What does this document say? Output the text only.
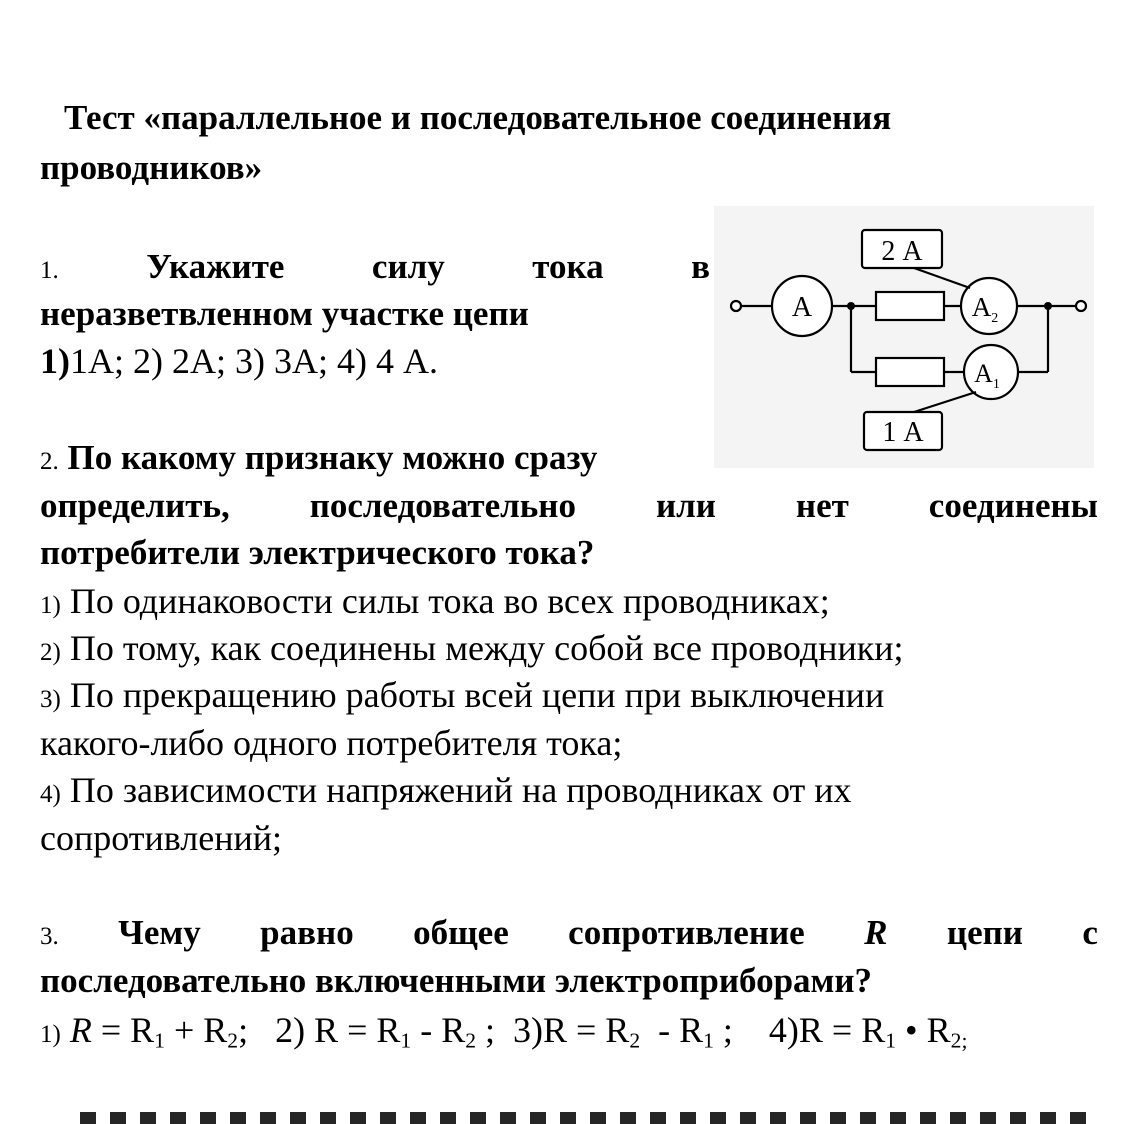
Тест «параллельное и последовательное соединения
проводников»
1. Укажите силу тока в
неразветвленном участке цепи
1)1А; 2) 2А; 3) 3А; 4) 4 А.
A	$A_2$
$A_1$
2 А
1 А
2. По какому признаку можно сразу
определить, последовательно или нет соединены
потребители электрического тока?
1) По одинаковости силы тока во всех проводниках;
2) По тому, как соединены между собой все проводники;
3) По прекращению работы всей цепи при выключении
какого-либо одного потребителя тока;
4) По зависимости напряжений на проводниках от их
сопротивлений;
3. Чему равно общее сопротивление R цепи с
последовательно включенными электроприборами?
1) $R = R_1 + R_2$;   2) $R = R_1 - R_2$ ;  $3)R = R_2 - R_1$ ;    $4)R = R_1$ • $R_{2;}$
